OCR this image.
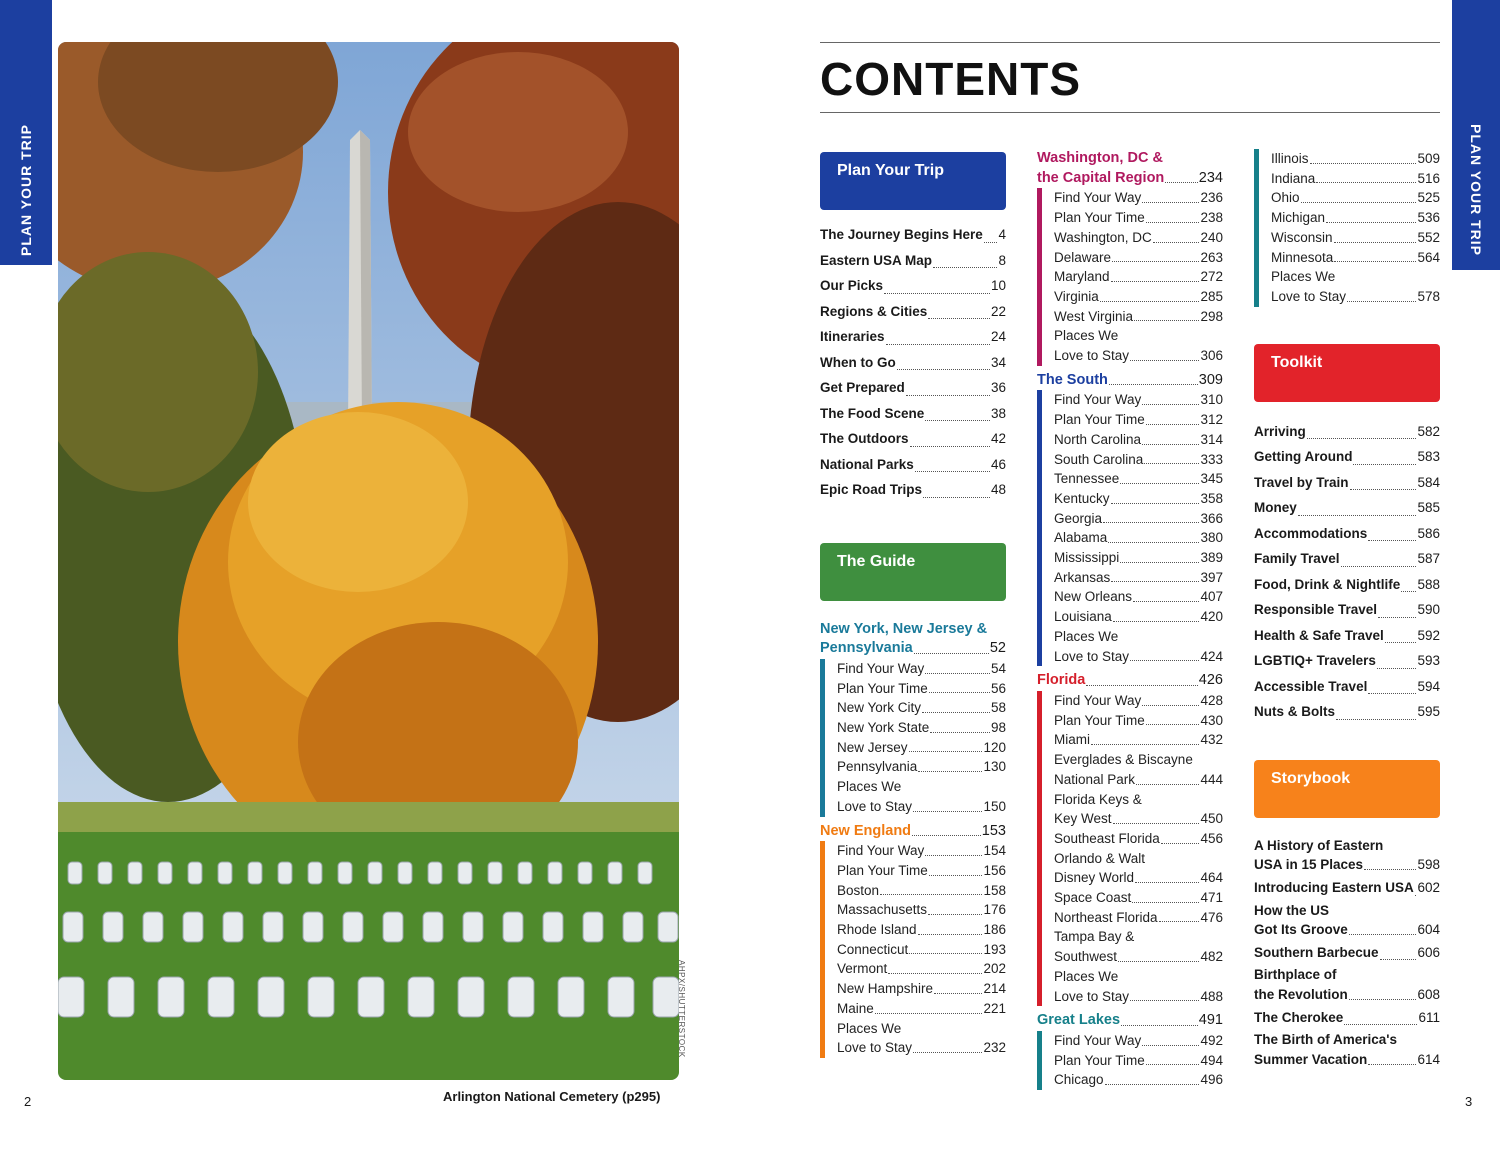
PLAN YOUR TRIP	PLAN YOUR TRIP
AHPX/SHUTTERSTOCK
Arlington National Cemetery (p295)
2	3
CONTENTS
Plan Your Trip
The Journey Begins Here 4
Eastern USA Map	8
Our Picks	10
Regions & Cities	22
Itineraries	24
When to Go	34
Get Prepared	36
The Food Scene	38
The Outdoors	42
National Parks	46
Epic Road Trips	48
The Guide
New York, New Jersey &
Pennsylvania	52
Find Your Way	54
Plan Your Time	56
New York City	58
New York State	98
New Jersey	120
Pennsylvania	130
Places We
Love to Stay	150
New England	153
Find Your Way	154
Plan Your Time	156
Boston	158
Massachusetts	176
Rhode Island	186
Connecticut	193
Vermont	202
New Hampshire	214
Maine	221
Places We
Love to Stay	232
Washington, DC &
the Capital Region 234
Find Your Way	236
Plan Your Time	238
Washington, DC	240
Delaware	263
Maryland	272
Virginia	285
West Virginia	298
Places We
Love to Stay	306
The South	309
Find Your Way	310
Plan Your Time	312
North Carolina	314
South Carolina	333
Tennessee	345
Kentucky	358
Georgia	366
Alabama	380
Mississippi	389
Arkansas	397
New Orleans	407
Louisiana	420
Places We
Love to Stay	424
Florida	426
Find Your Way	428
Plan Your Time	430
Miami	432
Everglades & Biscayne
National Park	444
Florida Keys &
Key West	450
Southeast Florida	456
Orlando & Walt
Disney World	464
Space Coast	471
Northeast Florida	476
Tampa Bay &
Southwest	482
Places We
Love to Stay	488
Great Lakes	491
Find Your Way	492
Plan Your Time	494
Chicago	496
Illinois	509
Indiana	516
Ohio	525
Michigan	536
Wisconsin	552
Minnesota	564
Places We
Love to Stay	578
Toolkit
Arriving	582
Getting Around	583
Travel by Train	584
Money	585
Accommodations	586
Family Travel	587
Food, Drink & Nightlife 588
Responsible Travel	590
Health & Safe Travel 592
LGBTIQ+ Travelers	593
Accessible Travel	594
Nuts & Bolts	595
Storybook
A History of Eastern
USA in 15 Places	598
Introducing Eastern USA 602
How the US
Got Its Groove	604
Southern Barbecue	606
Birthplace of
the Revolution	608
The Cherokee	611
The Birth of America's
Summer Vacation	614
